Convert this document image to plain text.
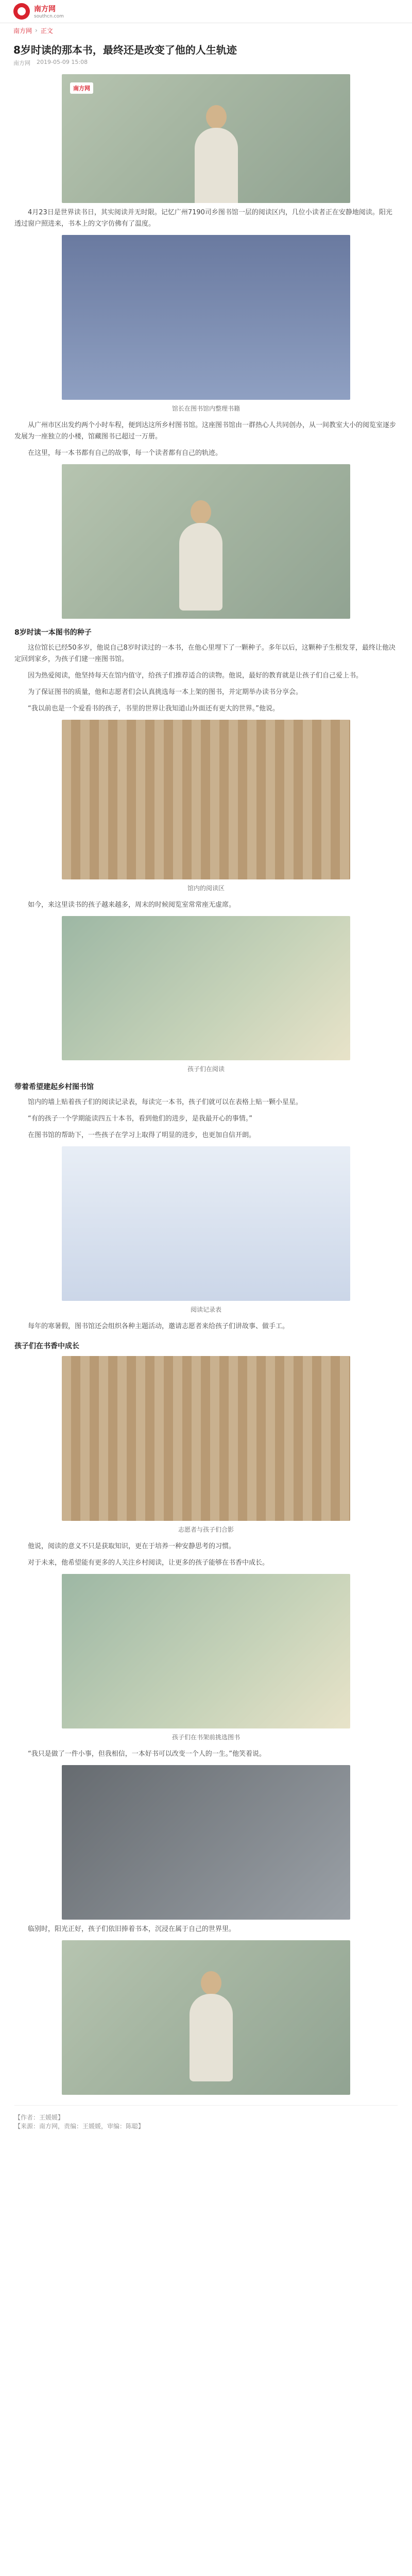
南方网
southcn.com
南方网 › 正文
8岁时读的那本书，最终还是改变了他的人生轨迹
南方网 2019-05-09 15:08
南方网

4月23日是世界读书日，其实阅读并无时限。记忆广州7190司乡图书馆一层的阅读区内，几位小读者正在安静地阅读。阳光透过窗户照进来，书本上的文字仿佛有了温度。

馆长在图书馆内整理书籍

从广州市区出发约两个小时车程，便到达这所乡村图书馆。这座图书馆由一群热心人共同创办，从一间教室大小的阅览室逐步发展为一座独立的小楼，馆藏图书已超过一万册。

在这里，每一本书都有自己的故事，每一个读者都有自己的轨迹。

8岁时读一本图书的种子

这位馆长已经50多岁，他说自己8岁时读过的一本书，在他心里埋下了一颗种子。多年以后，这颗种子生根发芽，最终让他决定回到家乡，为孩子们建一座图书馆。

因为热爱阅读，他坚持每天在馆内值守，给孩子们推荐适合的读物。他说，最好的教育就是让孩子们自己爱上书。

为了保证图书的质量，他和志愿者们会认真挑选每一本上架的图书，并定期举办读书分享会。

“我以前也是一个爱看书的孩子，书里的世界让我知道山外面还有更大的世界。”他说。

馆内的阅读区

如今，来这里读书的孩子越来越多，周末的时候阅览室常常座无虚席。

孩子们在阅读
带着希望建起乡村图书馆

馆内的墙上贴着孩子们的阅读记录表，每读完一本书，孩子们就可以在表格上贴一颗小星星。

“有的孩子一个学期能读四五十本书，看到他们的进步，是我最开心的事情。”

在图书馆的帮助下，一些孩子在学习上取得了明显的进步，也更加自信开朗。

阅读记录表

每年的寒暑假，图书馆还会组织各种主题活动，邀请志愿者来给孩子们讲故事、做手工。

孩子们在书香中成长
志愿者与孩子们合影

他说，阅读的意义不只是获取知识，更在于培养一种安静思考的习惯。

对于未来，他希望能有更多的人关注乡村阅读，让更多的孩子能够在书香中成长。

孩子们在书架前挑选图书

“我只是做了一件小事，但我相信，一本好书可以改变一个人的一生。”他笑着说。

临别时，阳光正好，孩子们依旧捧着书本，沉浸在属于自己的世界里。

【作者：王媛媛】
【来源：南方网，责编：王媛媛，审编：陈聪】
